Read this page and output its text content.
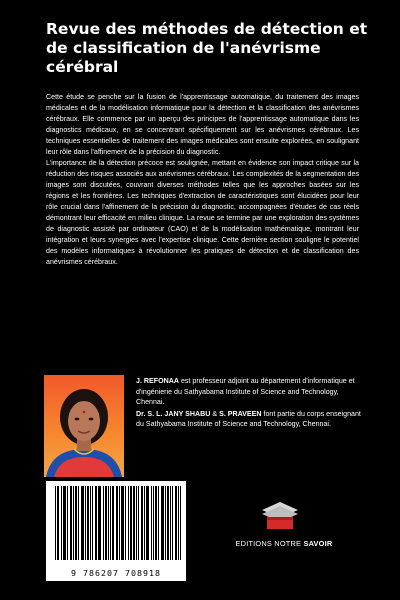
Revue des méthodes de détection et de classification de l'anévrisme cérébral

Cette étude se penche sur la fusion de l'apprentissage automatique, du traitement des images médicales et de la modélisation informatique pour la détection et la classification des anévrismes cérébraux. Elle commence par un aperçu des principes de l'apprentissage automatique dans les diagnostics médicaux, en se concentrant spécifiquement sur les anévrismes cérébraux. Les techniques essentielles de traitement des images médicales sont ensuite explorées, en soulignant leur rôle dans l'affinement de la précision du diagnostic.

L'importance de la détection précoce est soulignée, mettant en évidence son impact critique sur la réduction des risques associés aux anévrismes cérébraux. Les complexités de la segmentation des images sont discutées, couvrant diverses méthodes telles que les approches basées sur les régions et les frontières. Les techniques d'extraction de caractéristiques sont élucidées pour leur rôle crucial dans l'affinement de la précision du diagnostic, accompagnées d'études de cas réels démontrant leur efficacité en milieu clinique. La revue se termine par une exploration des systèmes de diagnostic assisté par ordinateur (CAO) et de la modélisation mathématique, montrant leur intégration et leurs synergies avec l'expertise clinique. Cette dernière section souligne le potentiel des modèles informatiques à révolutionner les pratiques de détection et de classification des anévrismes cérébraux.

J. REFONAA est professeur adjoint au département d'informatique et d'ingénierie du Sathyabama Institute of Science and Technology, Chennai.

Dr. S. L. JANY SHABU & S. PRAVEEN font partie du corps enseignant du Sathyabama Institute of Science and Technology, Chennai.

9 786207 708918
EDITIONS NOTRE SAVOIR
